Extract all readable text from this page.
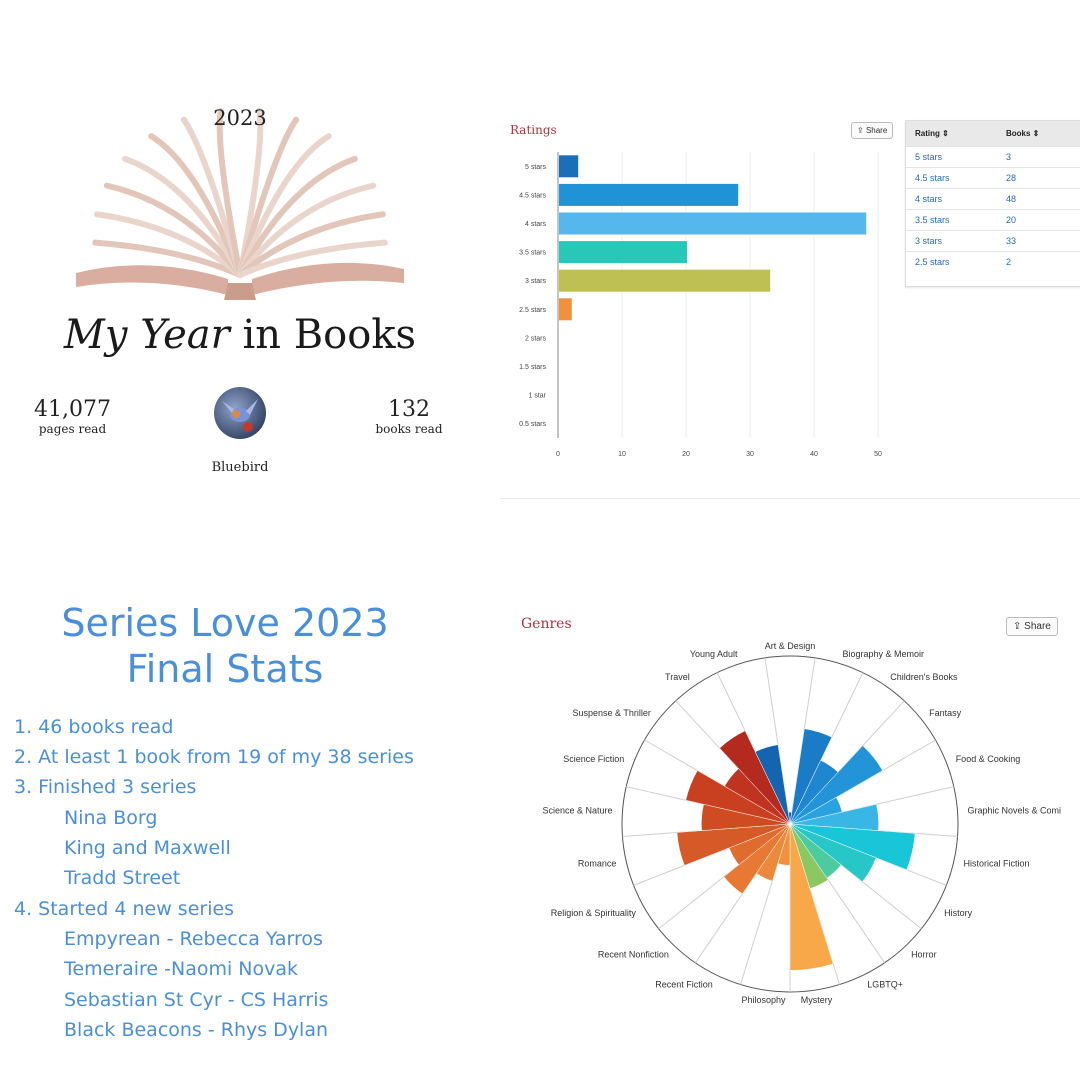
2023
My Year in Books
41,077
pages read
132
books read
Bluebird
Ratings	⇪ Share
0	10	20	30	40	50
5 stars
4.5 stars
4 stars
3.5 stars
3 stars
2.5 stars
2 stars
1.5 stars
1 star
0.5 stars
Rating ⇕	Books ⇕
5 stars	3
4.5 stars	28
4 stars	48
3.5 stars	20
3 stars	33
2.5 stars	2
Series Love 2023
Final Stats
1. 46 books read
2. At least 1 book from 19 of my 38 series
3. Finished 3 series
Nina Borg
King and Maxwell
Tradd Street
4. Started 4 new series
Empyrean - Rebecca Yarros
Temeraire -Naomi Novak
Sebastian St Cyr - CS Harris
Black Beacons - Rhys Dylan
Genres	⇪ Share
Art & Design
Biography & Memoir
Children's Books
Fantasy
Food & Cooking
Graphic Novels & Comi
Historical Fiction
History
Horror
LGBTQ+
Mystery
Philosophy
Recent Fiction
Recent Nonfiction
Religion & Spirituality
Romance
Science & Nature
Science Fiction
Suspense & Thriller
Travel
Young Adult
